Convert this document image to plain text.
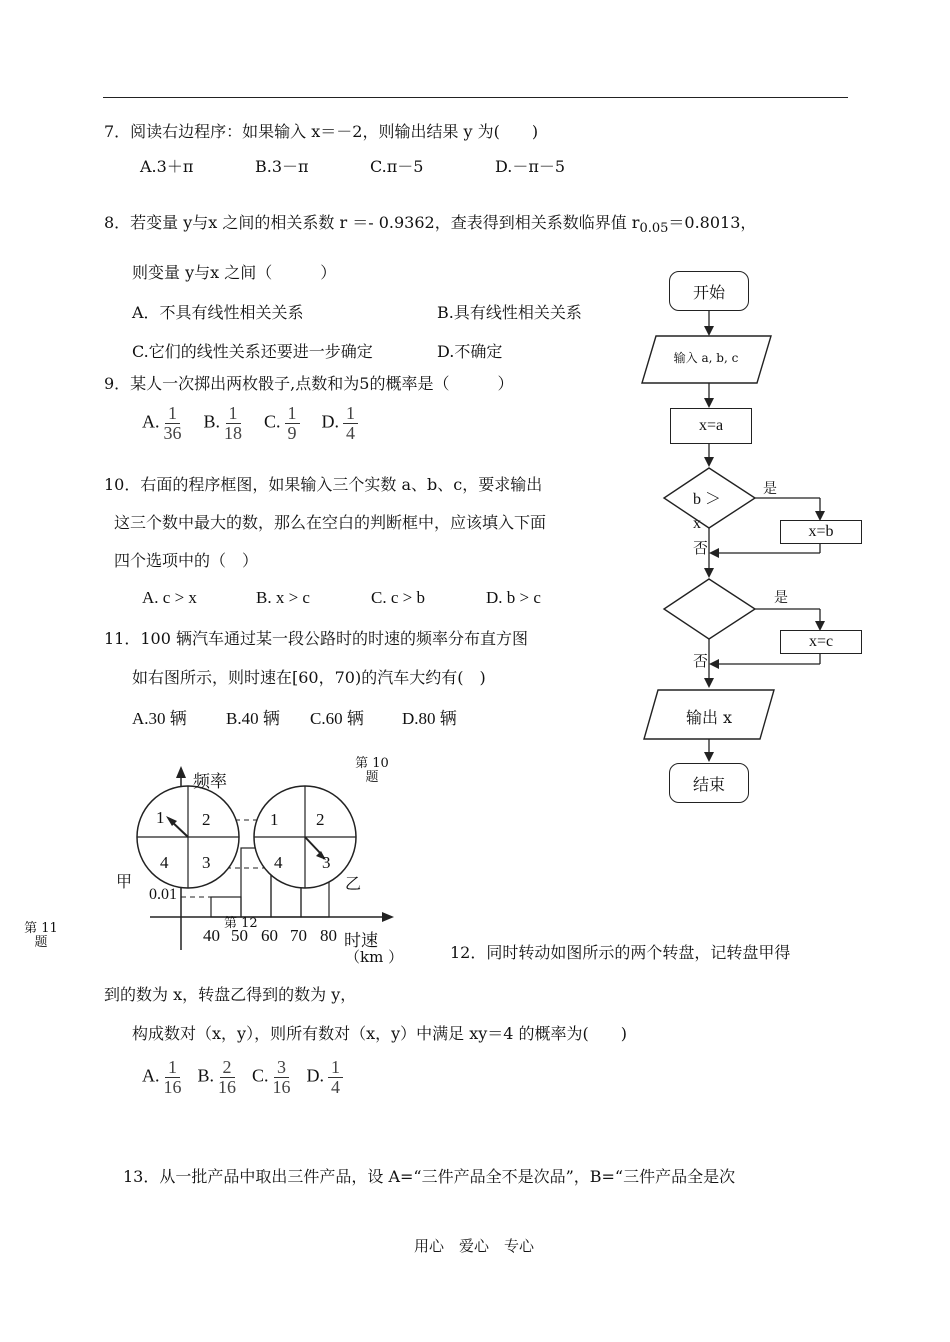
7．阅读右边程序：如果输入 x＝－2，则输出结果 y 为(　　)
A.3＋π	B.3－π	C.π－5	D.－π－5
8．若变量 y与x 之间的相关系数 r ＝- 0.9362，查表得到相关系数临界值 $r_{0.05}=0.8013$，
则变量 y与x 之间（　　　）
A．不具有线性相关关系	B.具有线性相关关系
C.它们的线性关系还要进一步确定	D.不确定
9．某人一次掷出两枚骰子,点数和为5的概率是（　　　）
A. $\frac{1}{36} B$. $\frac{1}{18} C$. $\frac{1}{9} D$. $\frac{1}{4}$
10．右面的程序框图，如果输入三个实数 a、b、c，要求输出
这三个数中最大的数，那么在空白的判断框中，应该填入下面
四个选项中的（　）
A. c > x	B. x > c	C. c > b	D. b > c
11．100 辆汽车通过某一段公路时的时速的频率分布直方图
如右图所示，则时速在[60，70)的汽车大约有(　)
A.30 辆 B.40 辆 C.60 辆 D.80 辆
频率
0.01
40 50 60 70 80 时速
（km ）
1 2
4 3
1 2
4 3
甲	乙
第 10 题
第 11 题
第 12
开始
输入 a, b, c
x=a
b ＞ x
是
否
x=b
是
否
x=c
输出 x
结束
12．同时转动如图所示的两个转盘，记转盘甲得
到的数为 x，转盘乙得到的数为 y，
构成数对（x，y），则所有数对（x，y）中满足 xy＝4 的概率为(　　)
A. $\frac{1}{16} B$. $\frac{2}{16} C$. $\frac{3}{16} D$. $\frac{1}{4}$
13．从一批产品中取出三件产品，设 A=“三件产品全不是次品”，B=“三件产品全是次
用心　爱心　专心
